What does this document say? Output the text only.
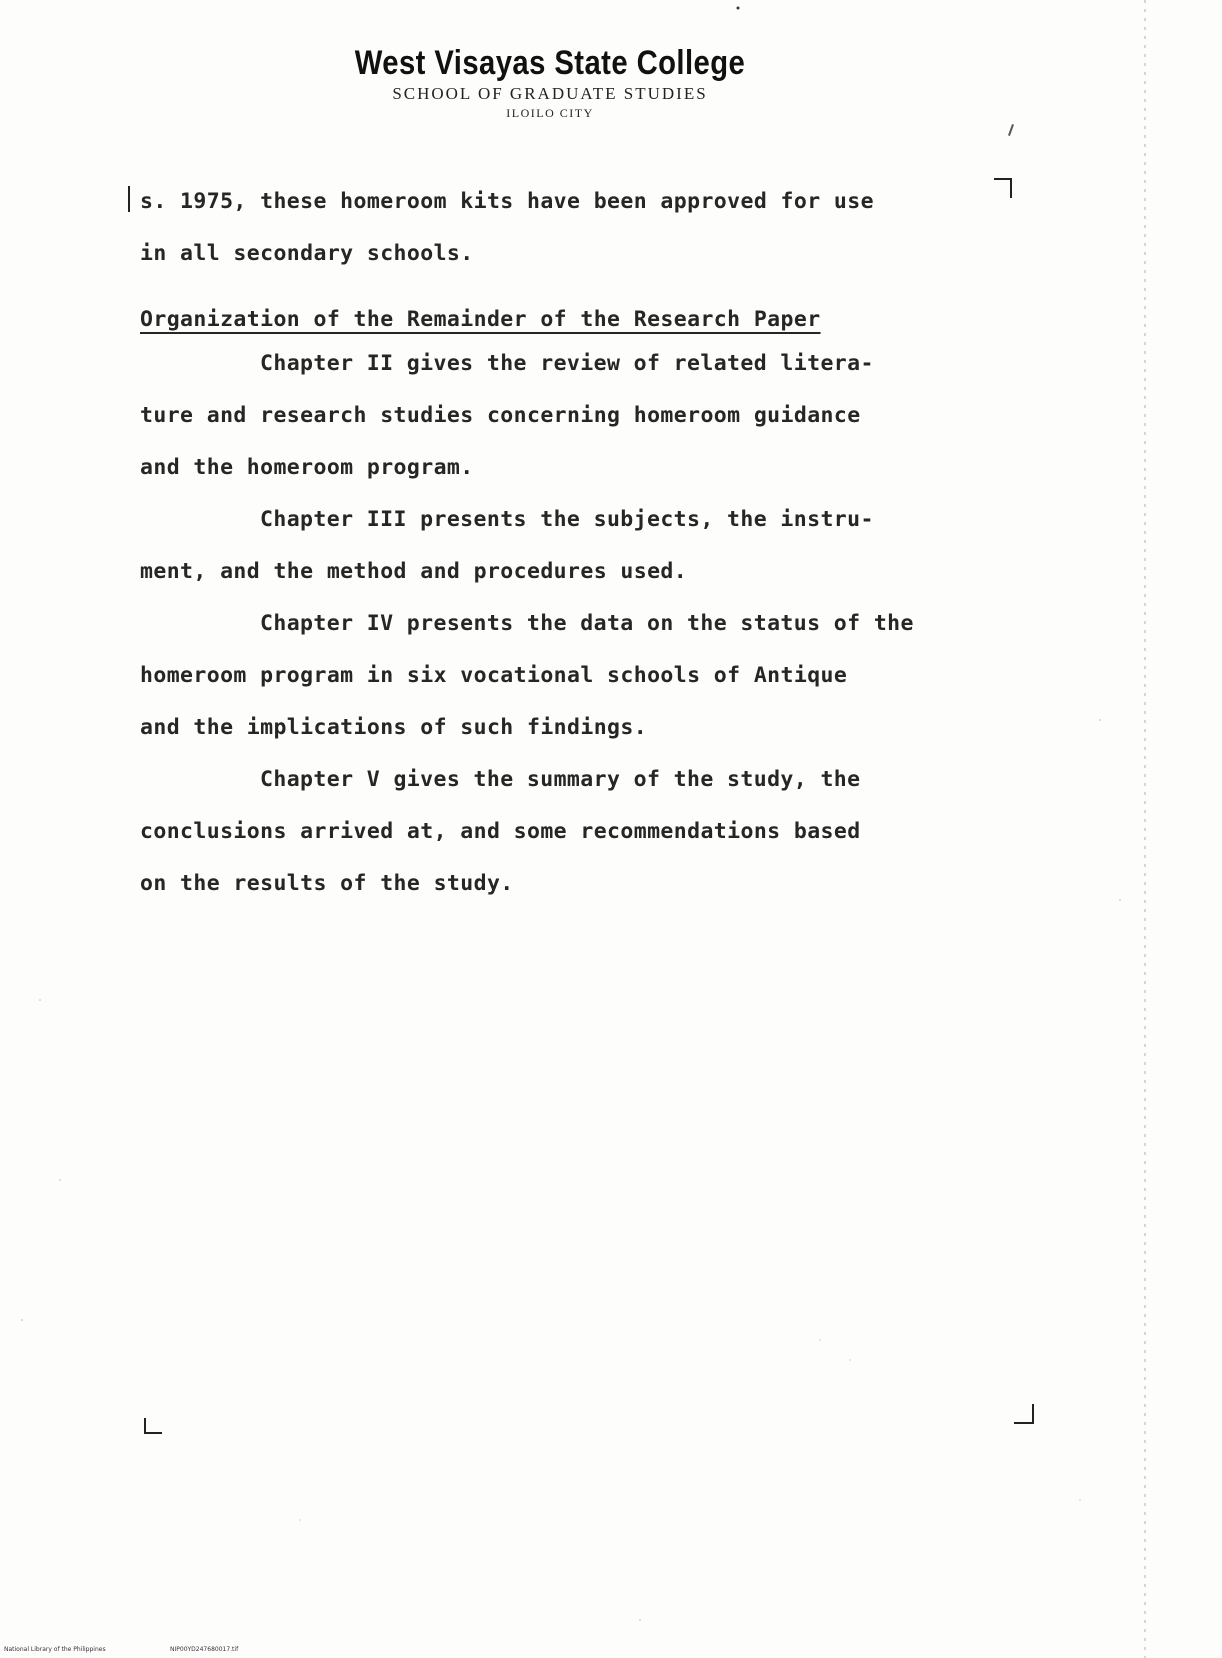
West Visayas State College
SCHOOL OF GRADUATE STUDIES
ILOILO CITY
s. 1975, these homeroom kits have been approved for use
in all secondary schools.
Organization of the Remainder of the Research Paper
Chapter II gives the review of related litera-
ture and research studies concerning homeroom guidance
and the homeroom program.
Chapter III presents the subjects, the instru-
ment, and the method and procedures used.
Chapter IV presents the data on the status of the
homeroom program in six vocational schools of Antique
and the implications of such findings.
Chapter V gives the summary of the study, the
conclusions arrived at, and some recommendations based
on the results of the study.
National Library of the Philippines	NIP00YD247680017.tif
